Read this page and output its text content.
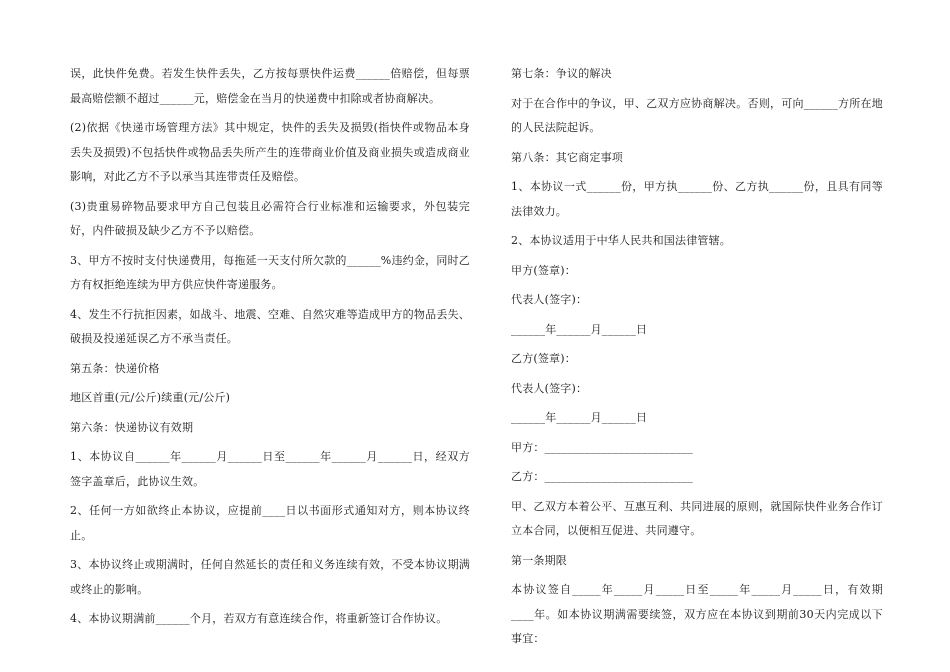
误，此快件免费。若发生快件丢失，乙方按每票快件运费______倍赔偿，但每票最高赔偿额不超过______元，赔偿金在当月的快递费中扣除或者协商解决。

(2)依据《快递市场管理方法》其中规定，快件的丢失及损毁(指快件或物品本身丢失及损毁)不包括快件或物品丢失所产生的连带商业价值及商业损失或造成商业影响，对此乙方不予以承当其连带责任及赔偿。

(3)贵重易碎物品要求甲方自己包装且必需符合行业标准和运输要求，外包装完好，内件破损及缺少乙方不予以赔偿。

3、甲方不按时支付快递费用，每拖延一天支付所欠款的______%违约金，同时乙方有权拒绝连续为甲方供应快件寄递服务。

4、发生不行抗拒因素，如战斗、地震、空难、自然灾难等造成甲方的物品丢失、破损及投递延误乙方不承当责任。

第五条：快递价格

地区首重(元/公斤)续重(元/公斤)

第六条：快递协议有效期

1、本协议自______年______月______日至______年______月______日，经双方签字盖章后，此协议生效。

2、任何一方如欲终止本协议，应提前____日以书面形式通知对方，则本协议终止。

3、本协议终止或期满时，任何自然延长的责任和义务连续有效，不受本协议期满或终止的影响。

4、本协议期满前______个月，若双方有意连续合作，将重新签订合作协议。

第七条：争议的解决

对于在合作中的争议，甲、乙双方应协商解决。否则，可向______方所在地的人民法院起诉。

第八条：其它商定事项

1、本协议一式______份，甲方执______份、乙方执______份，且具有同等法律效力。

2、本协议适用于中华人民共和国法律管辖。

甲方(签章)：

代表人(签字)：

______年______月______日

乙方(签章)：

代表人(签字)：

______年______月______日

甲方：__________________________

乙方：__________________________

甲、乙双方本着公平、互惠互利、共同进展的原则，就国际快件业务合作订立本合同，以便相互促进、共同遵守。

第一条期限

本协议签自_____年_____月_____日至_____年_____月_____日，有效期____年。如本协议期满需要续签，双方应在本协议到期前30天内完成以下事宜：
